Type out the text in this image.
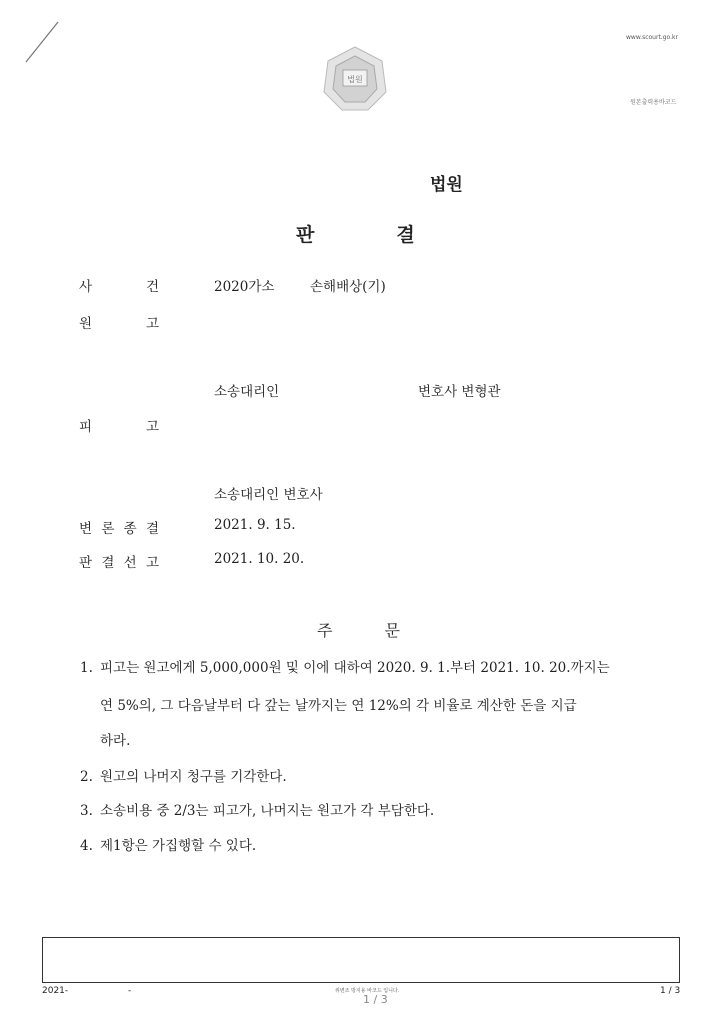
법원
www.scourt.go.kr
원본출력용바코드
법원
판	결
사	건	2020가소	손해배상(기)
원	고
소송대리인	변호사 변형관
피	고
소송대리인 변호사
변 론 종 결	2021. 9. 15.
판 결 선 고	2021. 10. 20.
주	문
1. 피고는 원고에게 5,000,000원 및 이에 대하여 2020. 9. 1.부터 2021. 10. 20.까지는
연 5%의, 그 다음날부터 다 갚는 날까지는 연 12%의 각 비율로 계산한 돈을 지급
하라.
2. 원고의 나머지 청구를 기각한다.
3. 소송비용 중 2/3는 피고가, 나머지는 원고가 각 부담한다.
4. 제1항은 가집행할 수 있다.
2021-	-	위변조 방지용 바코드 입니다.
1 / 3
1 / 3
